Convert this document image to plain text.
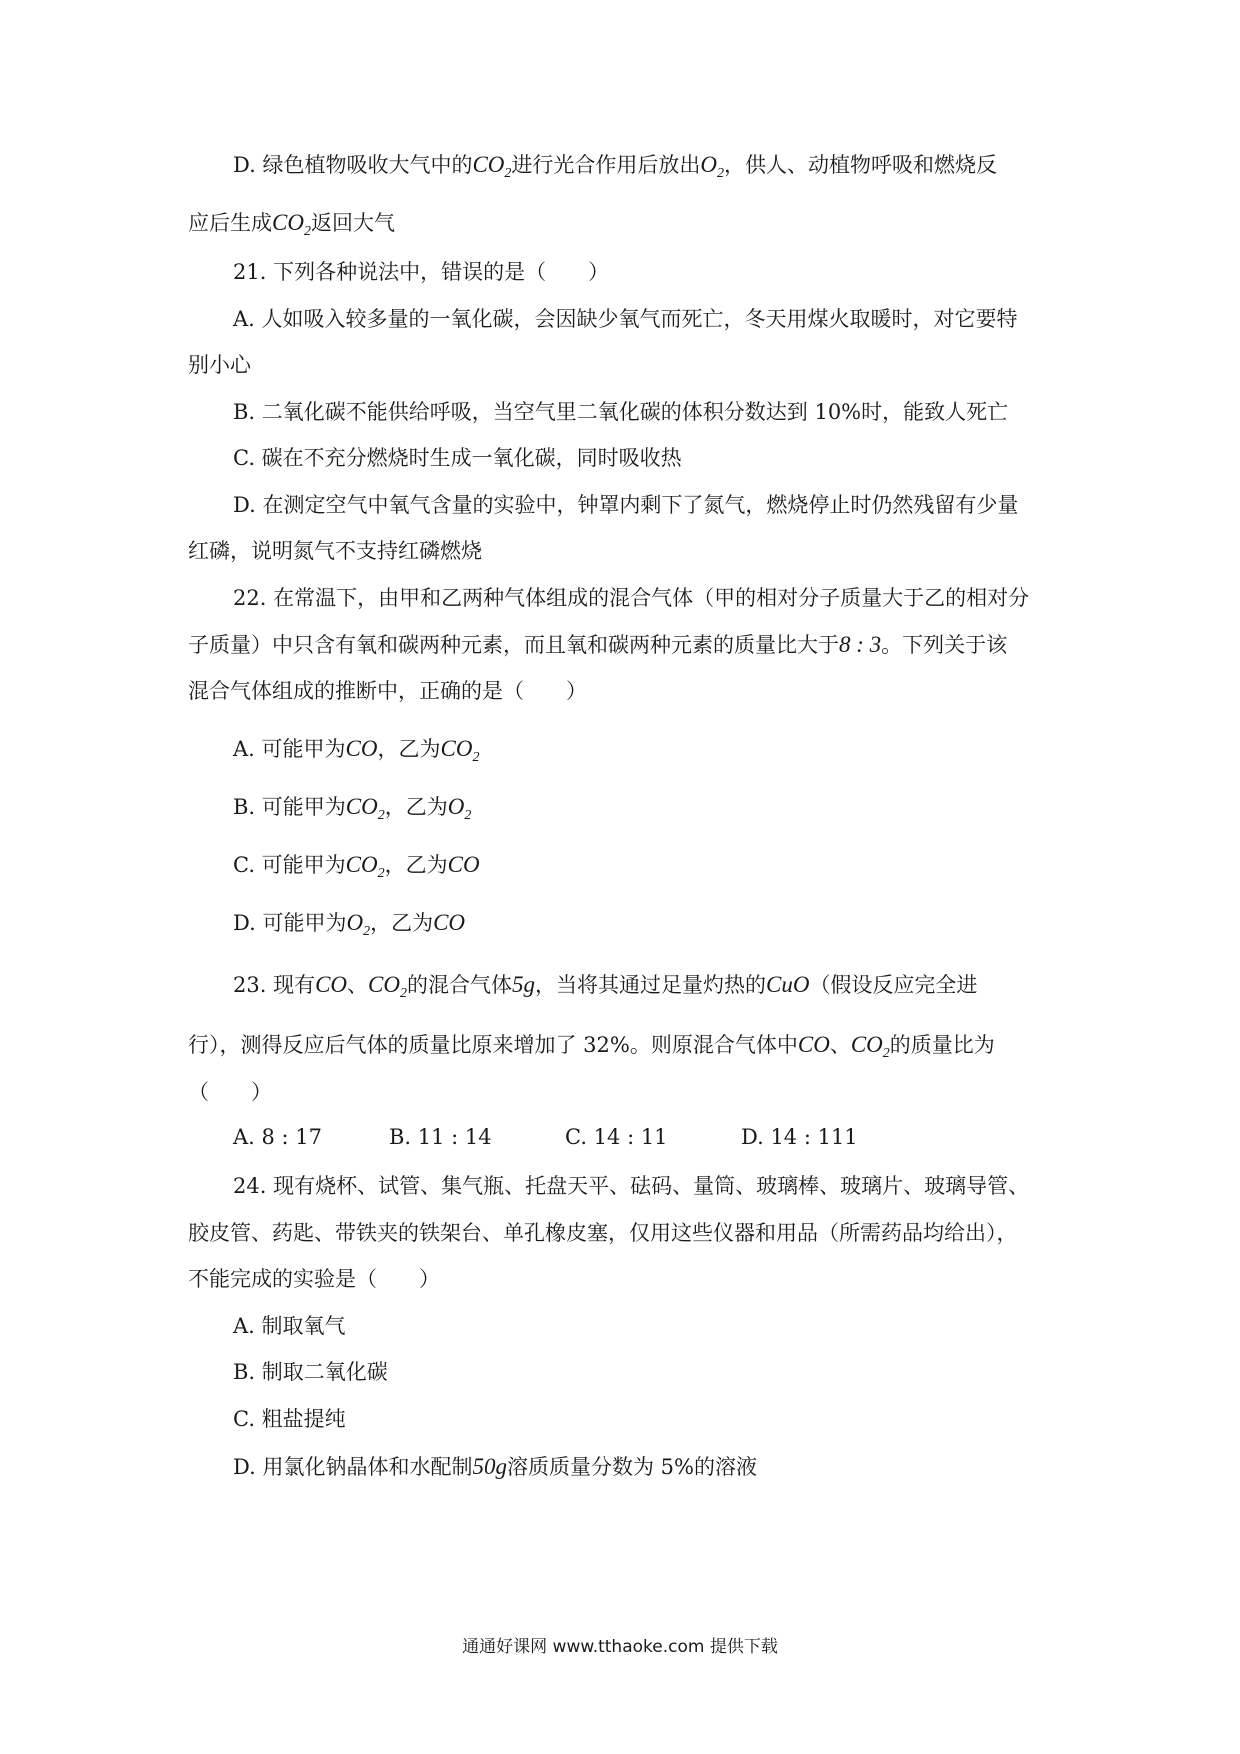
D. 绿色植物吸收大气中的$CO_2$进行光合作用后放出$O_2$，供人、动植物呼吸和燃烧反
应后生成$CO_2$返回大气
21. 下列各种说法中，错误的是（　　）
A. 人如吸入较多量的一氧化碳，会因缺少氧气而死亡，冬天用煤火取暖时，对它要特
别小心
B. 二氧化碳不能供给呼吸，当空气里二氧化碳的体积分数达到 10%时，能致人死亡
C. 碳在不充分燃烧时生成一氧化碳，同时吸收热
D. 在测定空气中氧气含量的实验中，钟罩内剩下了氮气，燃烧停止时仍然残留有少量
红磷，说明氮气不支持红磷燃烧
22. 在常温下，由甲和乙两种气体组成的混合气体（甲的相对分子质量大于乙的相对分
子质量）中只含有氧和碳两种元素，而且氧和碳两种元素的质量比大于8 : 3。下列关于该
混合气体组成的推断中，正确的是（　　）
A. 可能甲为CO，乙为$CO_2$
B. 可能甲为$CO_2$，乙为$O_2$
C. 可能甲为$CO_2$，乙为CO
D. 可能甲为$O_2$，乙为CO
23. 现有CO、$CO_2$的混合气体5g，当将其通过足量灼热的CuO（假设反应完全进
行），测得反应后气体的质量比原来增加了 32%。则原混合气体中CO、$CO_2$的质量比为
（　　）
A. 8 : 17	B. 11 : 14	C. 14 : 11	D. 14 : 111
24. 现有烧杯、试管、集气瓶、托盘天平、砝码、量筒、玻璃棒、玻璃片、玻璃导管、
胶皮管、药匙、带铁夹的铁架台、单孔橡皮塞，仅用这些仪器和用品（所需药品均给出），
不能完成的实验是（　　）
A. 制取氧气
B. 制取二氧化碳
C. 粗盐提纯
D. 用氯化钠晶体和水配制50g溶质质量分数为 5%的溶液
通通好课网 www.tthaoke.com 提供下载
